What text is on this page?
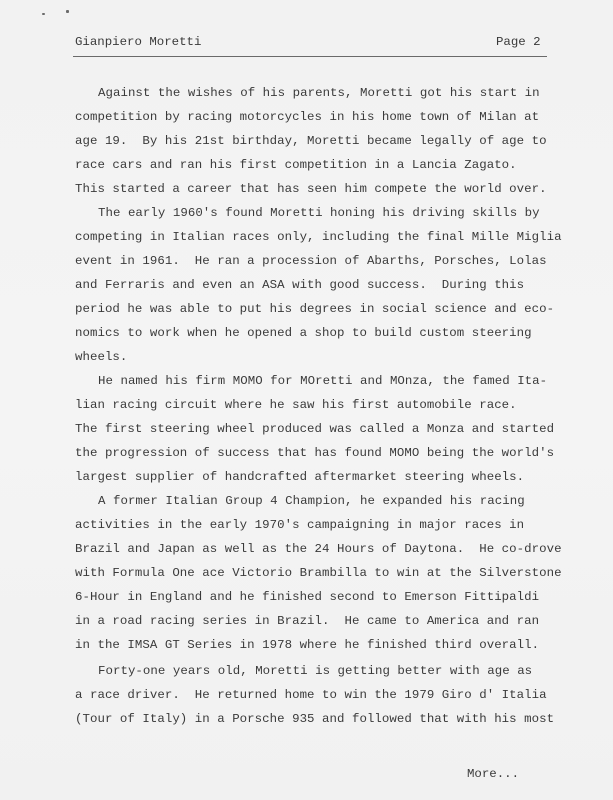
Gianpiero Moretti	Page 2
Against the wishes of his parents, Moretti got his start in
competition by racing motorcycles in his home town of Milan at
age 19.  By his 21st birthday, Moretti became legally of age to
race cars and ran his first competition in a Lancia Zagato.
This started a career that has seen him compete the world over.
The early 1960's found Moretti honing his driving skills by
competing in Italian races only, including the final Mille Miglia
event in 1961.  He ran a procession of Abarths, Porsches, Lolas
and Ferraris and even an ASA with good success.  During this
period he was able to put his degrees in social science and eco-
nomics to work when he opened a shop to build custom steering
wheels.
He named his firm MOMO for MOretti and MOnza, the famed Ita-
lian racing circuit where he saw his first automobile race.
The first steering wheel produced was called a Monza and started
the progression of success that has found MOMO being the world's
largest supplier of handcrafted aftermarket steering wheels.
A former Italian Group 4 Champion, he expanded his racing
activities in the early 1970's campaigning in major races in
Brazil and Japan as well as the 24 Hours of Daytona.  He co-drove
with Formula One ace Victorio Brambilla to win at the Silverstone
6-Hour in England and he finished second to Emerson Fittipaldi
in a road racing series in Brazil.  He came to America and ran
in the IMSA GT Series in 1978 where he finished third overall.
Forty-one years old, Moretti is getting better with age as
a race driver.  He returned home to win the 1979 Giro d' Italia
(Tour of Italy) in a Porsche 935 and followed that with his most
More...
